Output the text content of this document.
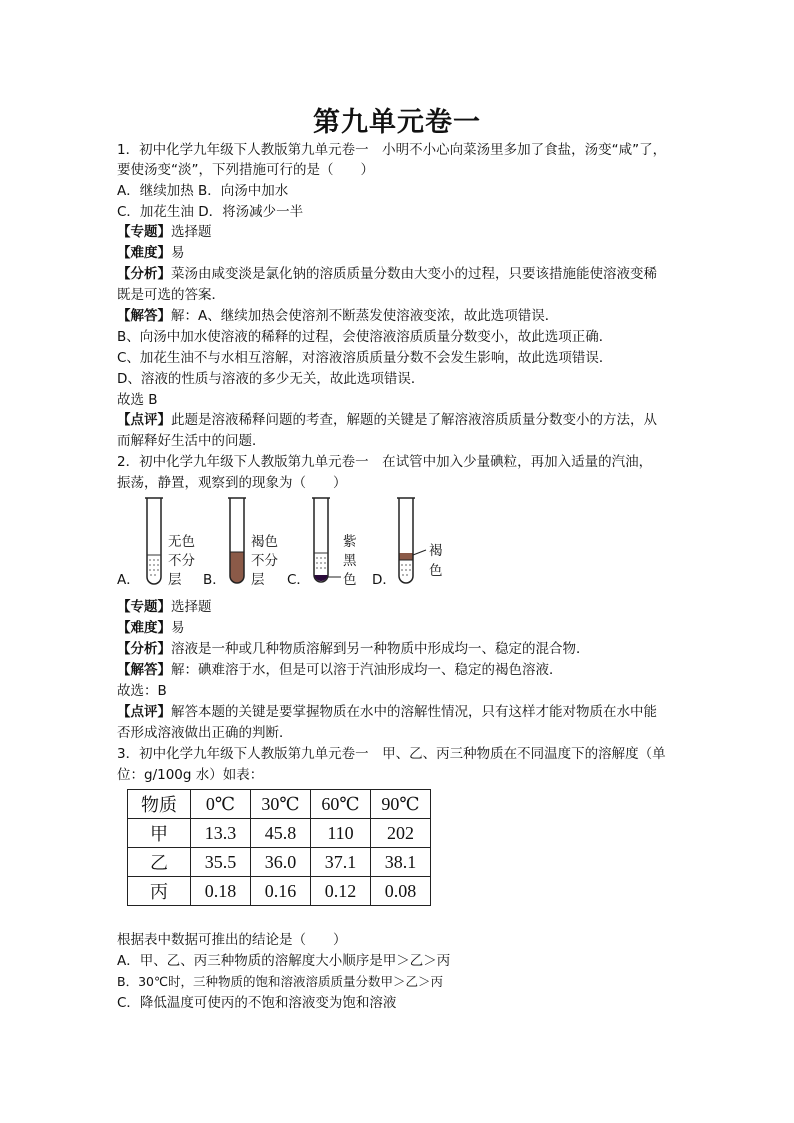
第九单元卷一
1．初中化学九年级下人教版第九单元卷一　小明不小心向菜汤里多加了食盐，汤变“咸”了，
要使汤变“淡”，下列措施可行的是（　　）
A．继续加热 B．向汤中加水
C．加花生油 D．将汤减少一半
【专题】选择题
【难度】易
【分析】菜汤由咸变淡是氯化钠的溶质质量分数由大变小的过程，只要该措施能使溶液变稀
既是可选的答案．
【解答】解：A、继续加热会使溶剂不断蒸发使溶液变浓，故此选项错误．
B、向汤中加水使溶液的稀释的过程，会使溶液溶质质量分数变小，故此选项正确．
C、加花生油不与水相互溶解，对溶液溶质质量分数不会发生影响，故此选项错误．
D、溶液的性质与溶液的多少无关，故此选项错误．
故选 B
【点评】此题是溶液稀释问题的考查，解题的关键是了解溶液溶质质量分数变小的方法，从
而解释好生活中的问题．
2．初中化学九年级下人教版第九单元卷一　在试管中加入少量碘粒，再加入适量的汽油，
振荡，静置，观察到的现象为（　　）
A．
无色
不分
层 B．
褐色
不分
层 C．
紫
黑
色 D．
褐
色
【专题】选择题
【难度】易
【分析】溶液是一种或几种物质溶解到另一种物质中形成均一、稳定的混合物．
【解答】解：碘难溶于水，但是可以溶于汽油形成均一、稳定的褐色溶液．
故选：B
【点评】解答本题的关键是要掌握物质在水中的溶解性情况，只有这样才能对物质在水中能
否形成溶液做出正确的判断．
3．初中化学九年级下人教版第九单元卷一　甲、乙、丙三种物质在不同温度下的溶解度（单
位：g/100g 水）如表：
物质	0℃	30℃	60℃	90℃
甲	13.3	45.8	110	202
乙	35.5	36.0	37.1	38.1
丙	0.18	0.16	0.12	0.08
根据表中数据可推出的结论是（　　）
A．甲、乙、丙三种物质的溶解度大小顺序是甲＞乙＞丙
B．30℃时，三种物质的饱和溶液溶质质量分数甲＞乙＞丙
C．降低温度可使丙的不饱和溶液变为饱和溶液
